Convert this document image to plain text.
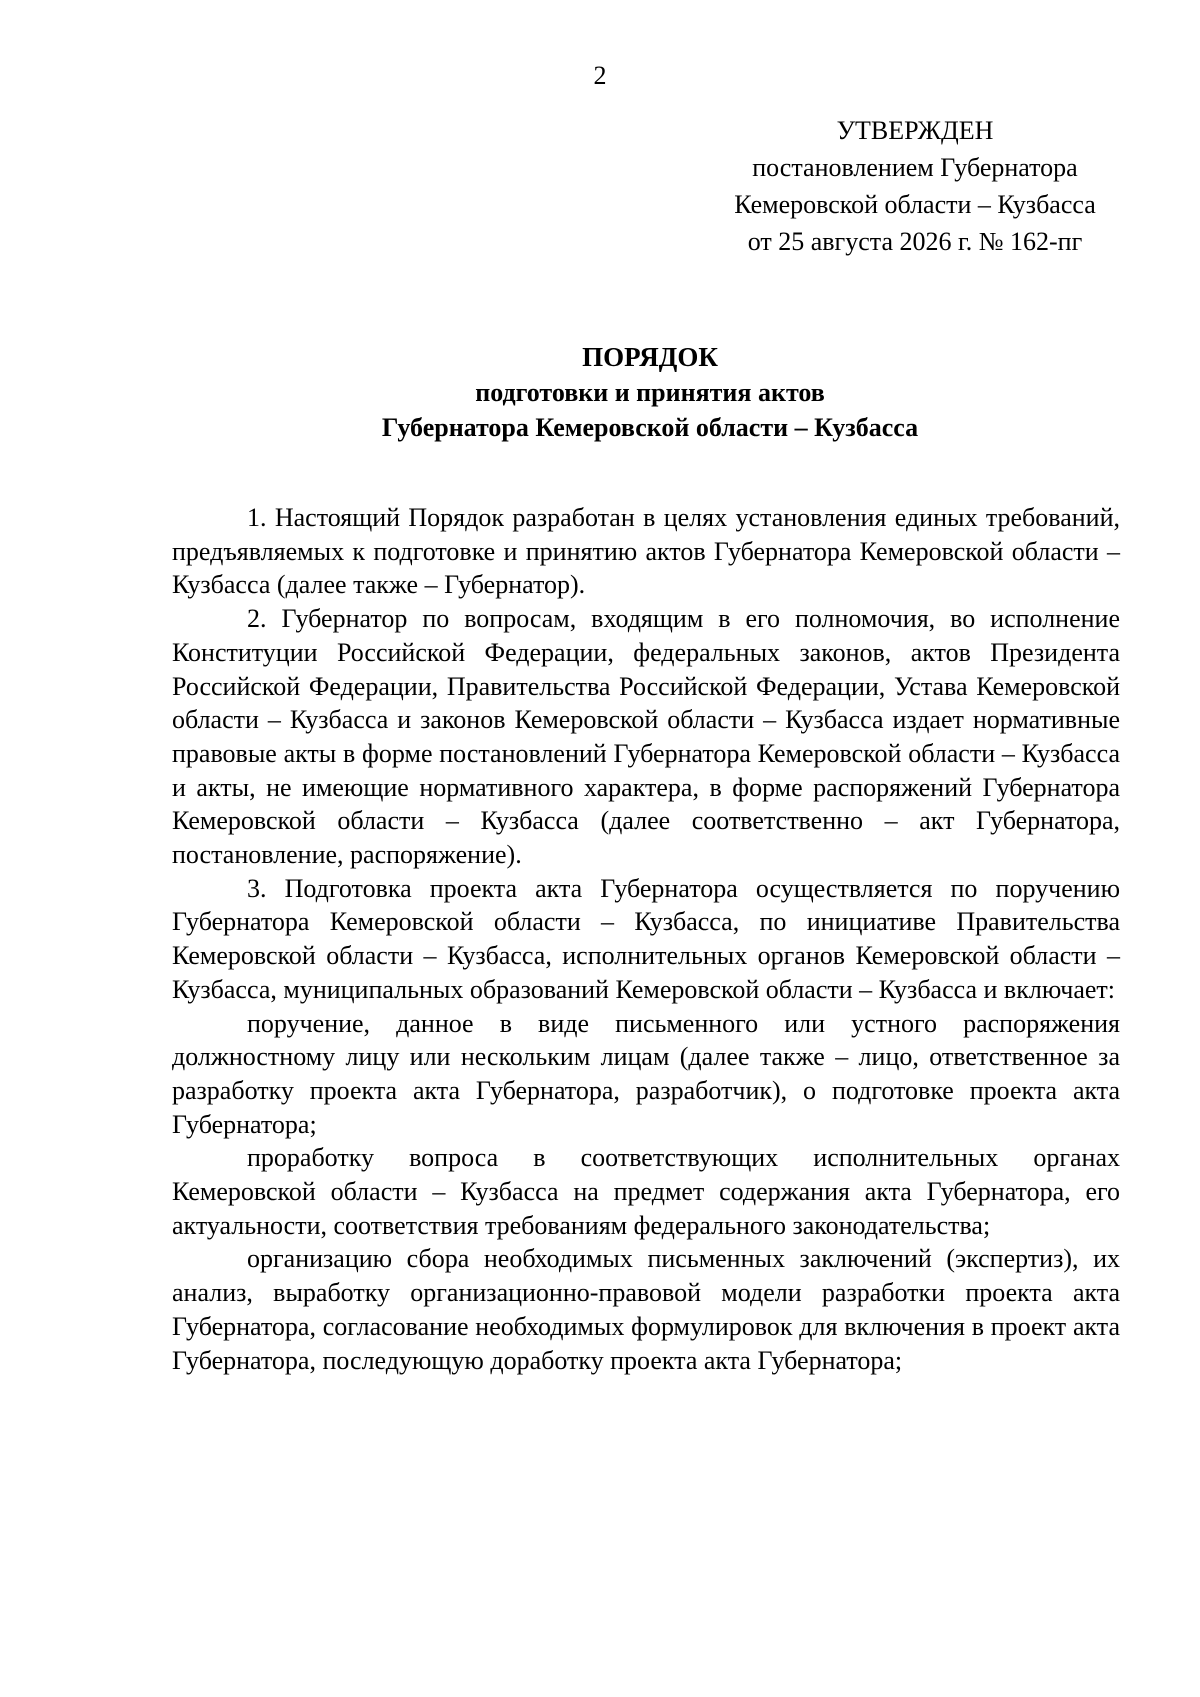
2
УТВЕРЖДЕН
постановлением Губернатора
Кемеровской области – Кузбасса
от 25 августа 2026 г. № 162-пг
ПОРЯДОК
подготовки и принятия актов
Губернатора Кемеровской области – Кузбасса

1. Настоящий Порядок разработан в целях установления единых требований, предъявляемых к подготовке и принятию актов Губернатора Кемеровской области – Кузбасса (далее также – Губернатор).

2. Губернатор по вопросам, входящим в его полномочия, во исполнение Конституции Российской Федерации, федеральных законов, актов Президента Российской Федерации, Правительства Российской Федерации, Устава Кемеровской области – Кузбасса и законов Кемеровской области – Кузбасса издает нормативные правовые акты в форме постановлений Губернатора Кемеровской области – Кузбасса и акты, не имеющие нормативного характера, в форме распоряжений Губернатора Кемеровской области – Кузбасса (далее соответственно – акт Губернатора, постановление, распоряжение).

3. Подготовка проекта акта Губернатора осуществляется по поручению Губернатора Кемеровской области – Кузбасса, по инициативе Правительства Кемеровской области – Кузбасса, исполнительных органов Кемеровской области – Кузбасса, муниципальных образований Кемеровской области – Кузбасса и включает:

поручение, данное в виде письменного или устного распоряжения должностному лицу или нескольким лицам (далее также – лицо, ответственное за разработку проекта акта Губернатора, разработчик), о подготовке проекта акта Губернатора;

проработку вопроса в соответствующих исполнительных органах Кемеровской области – Кузбасса на предмет содержания акта Губернатора, его актуальности, соответствия требованиям федерального законодательства;

организацию сбора необходимых письменных заключений (экспертиз), их анализ, выработку организационно-правовой модели разработки проекта акта Губернатора, согласование необходимых формулировок для включения в проект акта Губернатора, последующую доработку проекта акта Губернатора;
